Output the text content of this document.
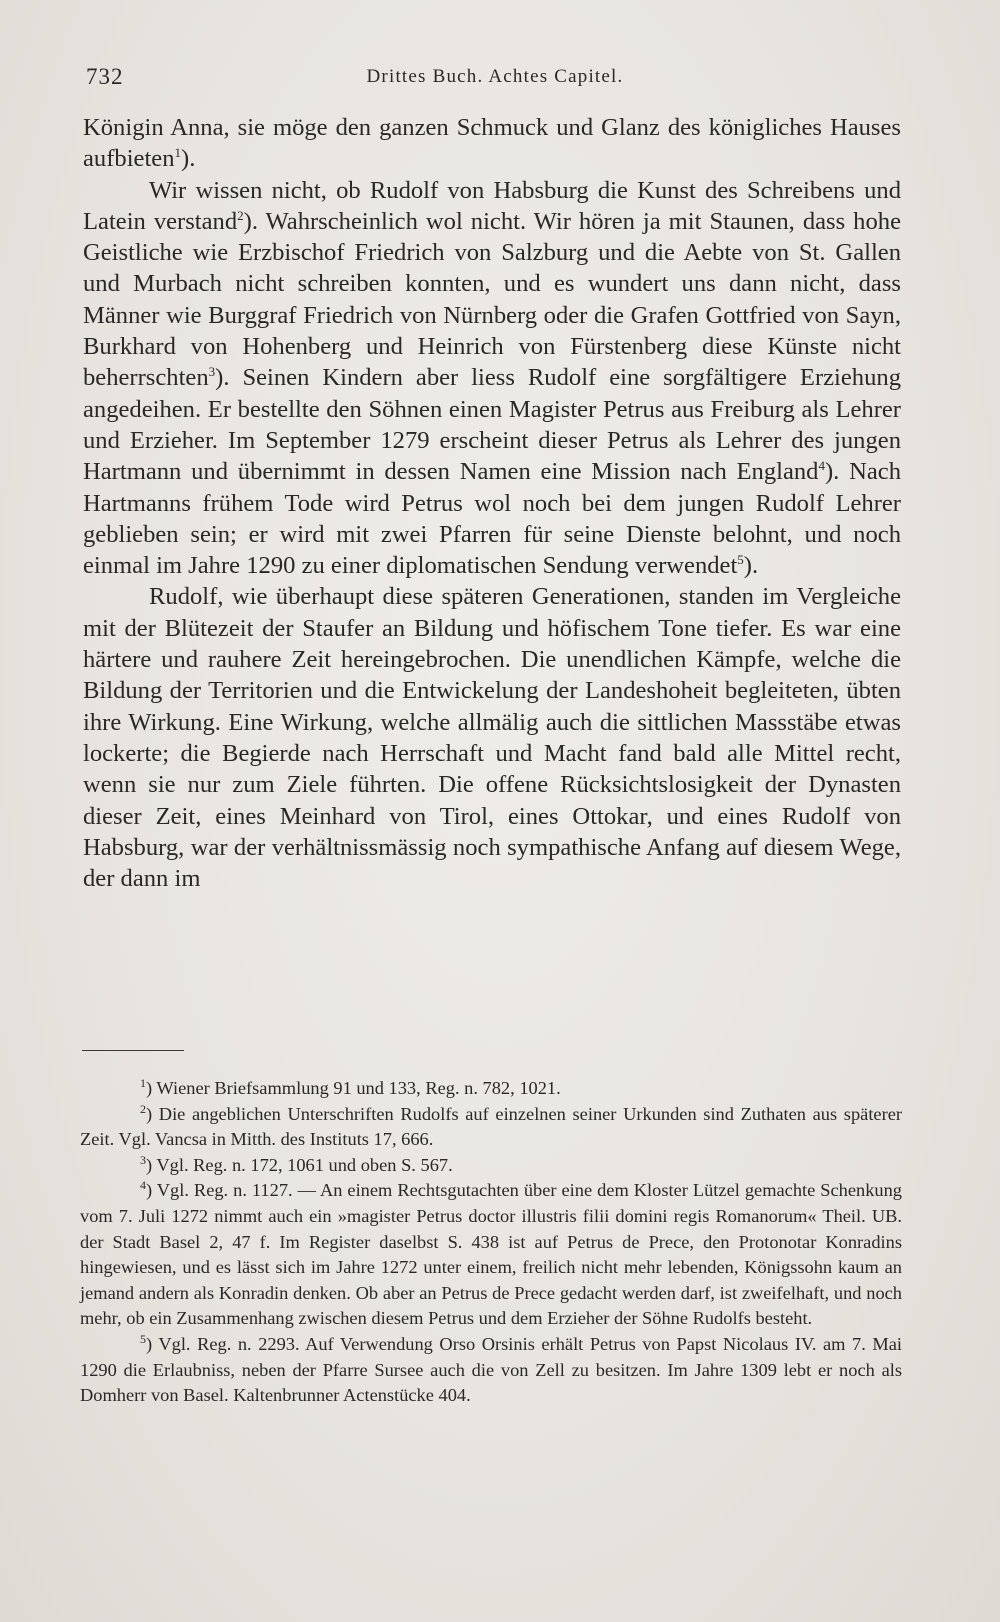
732	Drittes Buch. Achtes Capitel.

Königin Anna, sie möge den ganzen Schmuck und Glanz des königliches Hauses aufbieten$^1$).

Wir wissen nicht, ob Rudolf von Habsburg die Kunst des Schreibens und Latein verstand$^2$). Wahrscheinlich wol nicht. Wir hören ja mit Staunen, dass hohe Geistliche wie Erzbischof Friedrich von Salzburg und die Aebte von St. Gallen und Murbach nicht schreiben konnten, und es wundert uns dann nicht, dass Männer wie Burggraf Friedrich von Nürnberg oder die Grafen Gottfried von Sayn, Burkhard von Hohenberg und Heinrich von Fürstenberg diese Künste nicht beherrschten$^3$). Seinen Kindern aber liess Rudolf eine sorgfältigere Erziehung angedeihen. Er bestellte den Söhnen einen Magister Petrus aus Freiburg als Lehrer und Erzieher. Im September 1279 erscheint dieser Petrus als Lehrer des jungen Hartmann und übernimmt in dessen Namen eine Mission nach England$^4$). Nach Hartmanns frühem Tode wird Petrus wol noch bei dem jungen Rudolf Lehrer geblieben sein; er wird mit zwei Pfarren für seine Dienste belohnt, und noch einmal im Jahre 1290 zu einer diplomatischen Sendung verwendet$^5$).

Rudolf, wie überhaupt diese späteren Generationen, standen im Vergleiche mit der Blütezeit der Staufer an Bildung und höfischem Tone tiefer. Es war eine härtere und rauhere Zeit hereingebrochen. Die unendlichen Kämpfe, welche die Bildung der Territorien und die Entwickelung der Landeshoheit begleiteten, übten ihre Wirkung. Eine Wirkung, welche allmälig auch die sittlichen Massstäbe etwas lockerte; die Begierde nach Herrschaft und Macht fand bald alle Mittel recht, wenn sie nur zum Ziele führten. Die offene Rücksichtslosigkeit der Dynasten dieser Zeit, eines Meinhard von Tirol, eines Ottokar, und eines Rudolf von Habsburg, war der verhältnissmässig noch sympathische Anfang auf diesem Wege, der dann im

$^1$) Wiener Briefsammlung 91 und 133, Reg. n. 782, 1021.

$^2$) Die angeblichen Unterschriften Rudolfs auf einzelnen seiner Urkunden sind Zuthaten aus späterer Zeit. Vgl. Vancsa in Mitth. des Instituts 17, 666.

$^3$) Vgl. Reg. n. 172, 1061 und oben S. 567.

$^4$) Vgl. Reg. n. 1127. — An einem Rechtsgutachten über eine dem Kloster Lützel gemachte Schenkung vom 7. Juli 1272 nimmt auch ein »magister Petrus doctor illustris filii domini regis Romanorum« Theil. UB. der Stadt Basel 2, 47 f. Im Register daselbst S. 438 ist auf Petrus de Prece, den Protonotar Konradins hingewiesen, und es lässt sich im Jahre 1272 unter einem, freilich nicht mehr lebenden, Königssohn kaum an jemand andern als Konradin denken. Ob aber an Petrus de Prece gedacht werden darf, ist zweifelhaft, und noch mehr, ob ein Zusammenhang zwischen diesem Petrus und dem Erzieher der Söhne Rudolfs besteht.

$^5$) Vgl. Reg. n. 2293. Auf Verwendung Orso Orsinis erhält Petrus von Papst Nicolaus IV. am 7. Mai 1290 die Erlaubniss, neben der Pfarre Sursee auch die von Zell zu besitzen. Im Jahre 1309 lebt er noch als Domherr von Basel. Kaltenbrunner Actenstücke 404.
